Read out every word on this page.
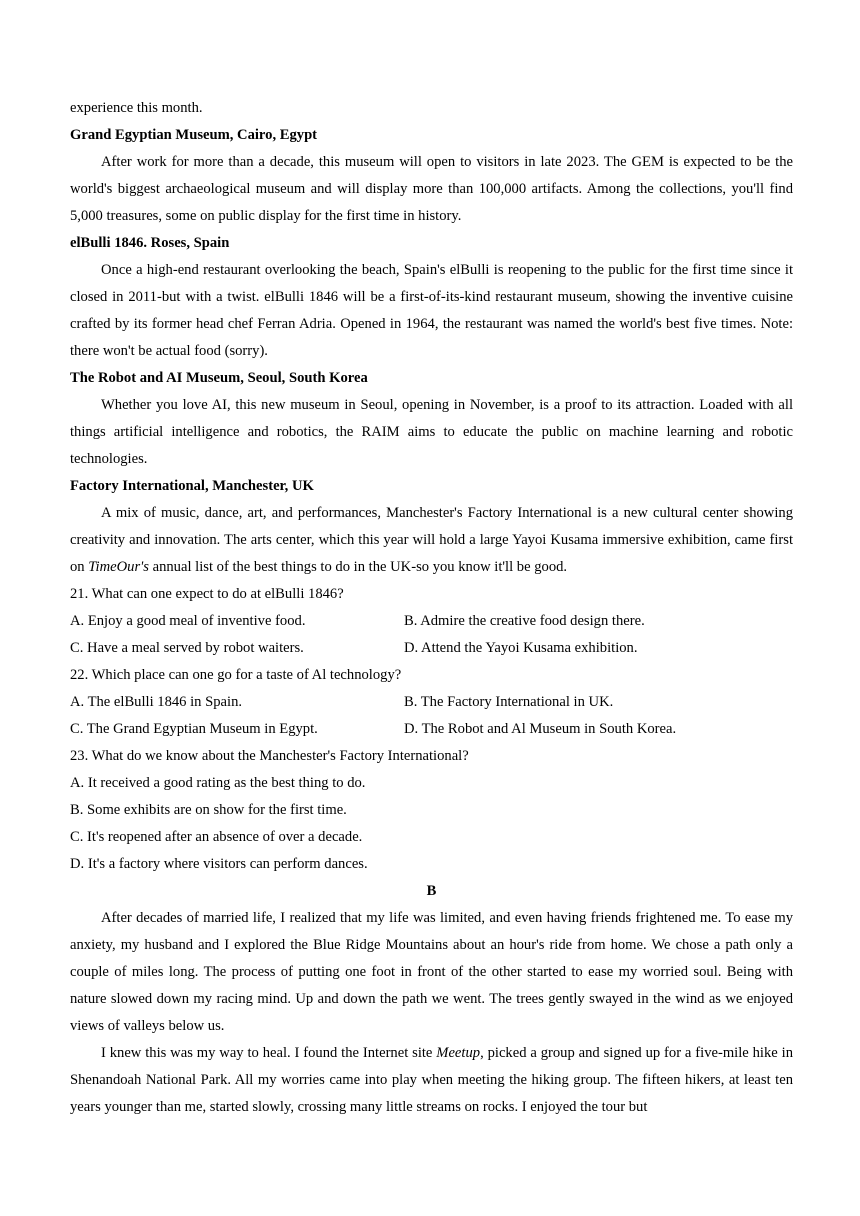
experience this month.
Grand Egyptian Museum, Cairo, Egypt

After work for more than a decade, this museum will open to visitors in late 2023. The GEM is expected to be the world's biggest archaeological museum and will display more than 100,000 artifacts. Among the collections, you'll find 5,000 treasures, some on public display for the first time in history.

elBulli 1846. Roses, Spain

Once a high-end restaurant overlooking the beach, Spain's elBulli is reopening to the public for the first time since it closed in 2011-but with a twist. elBulli 1846 will be a first-of-its-kind restaurant museum, showing the inventive cuisine crafted by its former head chef Ferran Adria. Opened in 1964, the restaurant was named the world's best five times. Note: there won't be actual food (sorry).

The Robot and AI Museum, Seoul, South Korea

Whether you love AI, this new museum in Seoul, opening in November, is a proof to its attraction. Loaded with all things artificial intelligence and robotics, the RAIM aims to educate the public on machine learning and robotic technologies.

Factory International, Manchester, UK

A mix of music, dance, art, and performances, Manchester's Factory International is a new cultural center showing creativity and innovation. The arts center, which this year will hold a large Yayoi Kusama immersive exhibition, came first on TimeOur's annual list of the best things to do in the UK-so you know it'll be good.

21. What can one expect to do at elBulli 1846?
A. Enjoy a good meal of inventive food.	B. Admire the creative food design there.
C. Have a meal served by robot waiters.	D. Attend the Yayoi Kusama exhibition.
22. Which place can one go for a taste of Al technology?
A. The elBulli 1846 in Spain.	B. The Factory International in UK.
C. The Grand Egyptian Museum in Egypt.	D. The Robot and Al Museum in South Korea.
23. What do we know about the Manchester's Factory International?
A. It received a good rating as the best thing to do.
B. Some exhibits are on show for the first time.
C. It's reopened after an absence of over a decade.
D. It's a factory where visitors can perform dances.
B

After decades of married life, I realized that my life was limited, and even having friends frightened me. To ease my anxiety, my husband and I explored the Blue Ridge Mountains about an hour's ride from home. We chose a path only a couple of miles long. The process of putting one foot in front of the other started to ease my worried soul. Being with nature slowed down my racing mind. Up and down the path we went. The trees gently swayed in the wind as we enjoyed views of valleys below us.

I knew this was my way to heal. I found the Internet site Meetup, picked a group and signed up for a five-mile hike in Shenandoah National Park. All my worries came into play when meeting the hiking group. The fifteen hikers, at least ten years younger than me, started slowly, crossing many little streams on rocks. I enjoyed the tour but
